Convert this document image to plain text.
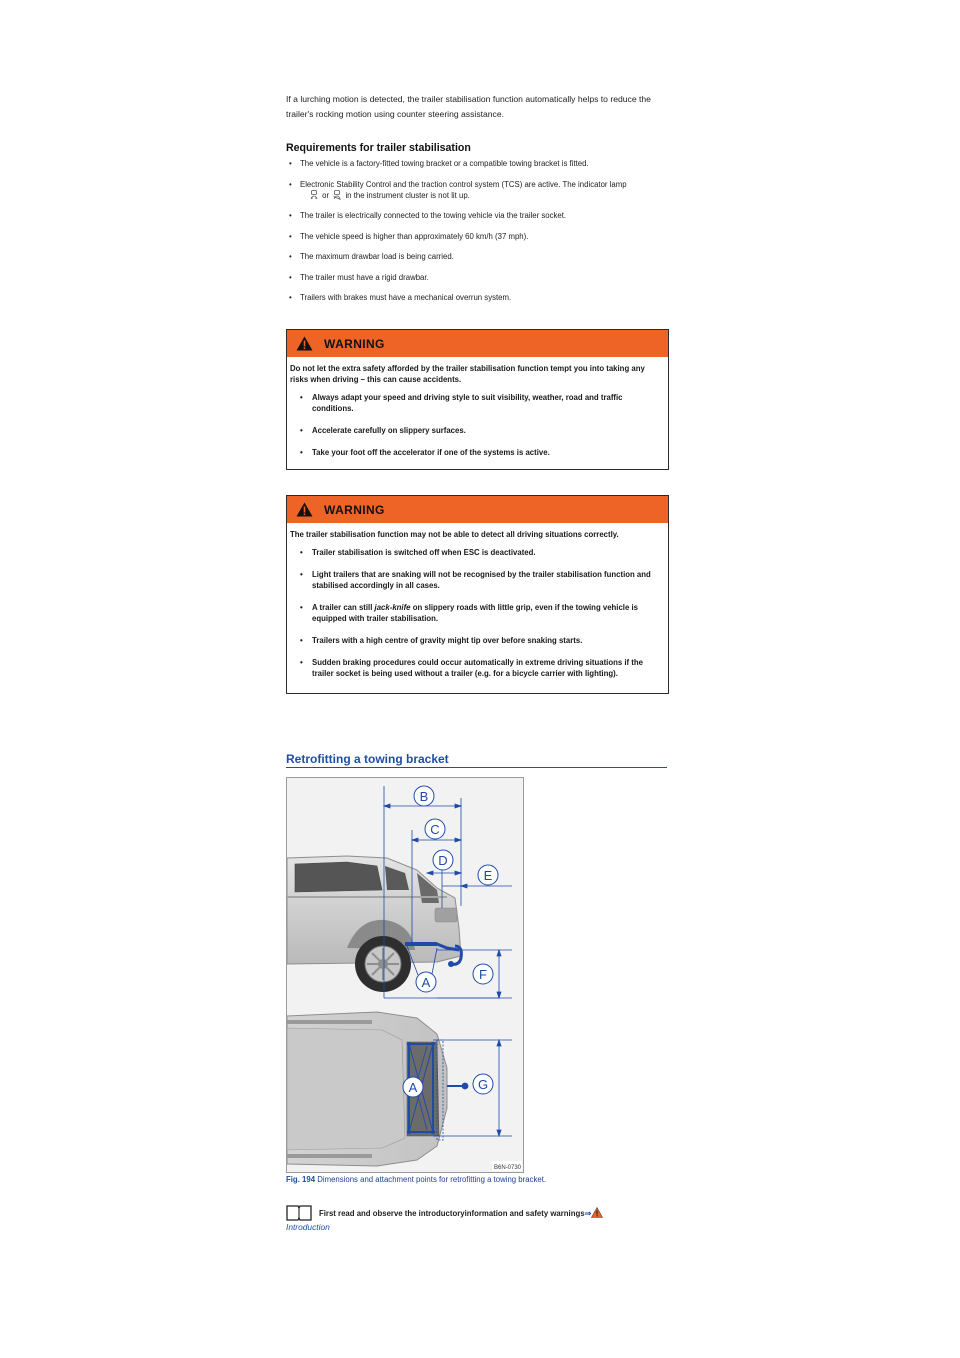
If a lurching motion is detected, the trailer stabilisation function automatically helps to reduce the trailer's rocking motion using counter steering assistance.
Requirements for trailer stabilisation
• The vehicle is a factory-fitted towing bracket or a compatible towing bracket is fitted.
• Electronic Stability Control and the traction control system (TCS) are active. The indicator lamp
or in the instrument cluster is not lit up.
• The trailer is electrically connected to the towing vehicle via the trailer socket.
• The vehicle speed is higher than approximately 60 km/h (37 mph).
• The maximum drawbar load is being carried.
• The trailer must have a rigid drawbar.
• Trailers with brakes must have a mechanical overrun system.
WARNING

Do not let the extra safety afforded by the trailer stabilisation function tempt you into taking any risks when driving – this can cause accidents.

• Always adapt your speed and driving style to suit visibility, weather, road and traffic conditions.
• Accelerate carefully on slippery surfaces.
• Take your foot off the accelerator if one of the systems is active.
WARNING

The trailer stabilisation function may not be able to detect all driving situations correctly.

• Trailer stabilisation is switched off when ESC is deactivated.
• Light trailers that are snaking will not be recognised by the trailer stabilisation function and stabilised accordingly in all cases.
• A trailer can still jack-knife on slippery roads with little grip, even if the towing vehicle is equipped with trailer stabilisation.
• Trailers with a high centre of gravity might tip over before snaking starts.
• Sudden braking procedures could occur automatically in extreme driving situations if the trailer socket is being used without a trailer (e.g. for a bicycle carrier with lighting).
Retrofitting a towing bracket
B
C
D
E
F
A
A	G
B6N-0730
Fig. 194 Dimensions and attachment points for retrofitting a towing bracket.
First read and observe the introductoryinformation and safety warnings⇒
Introduction
